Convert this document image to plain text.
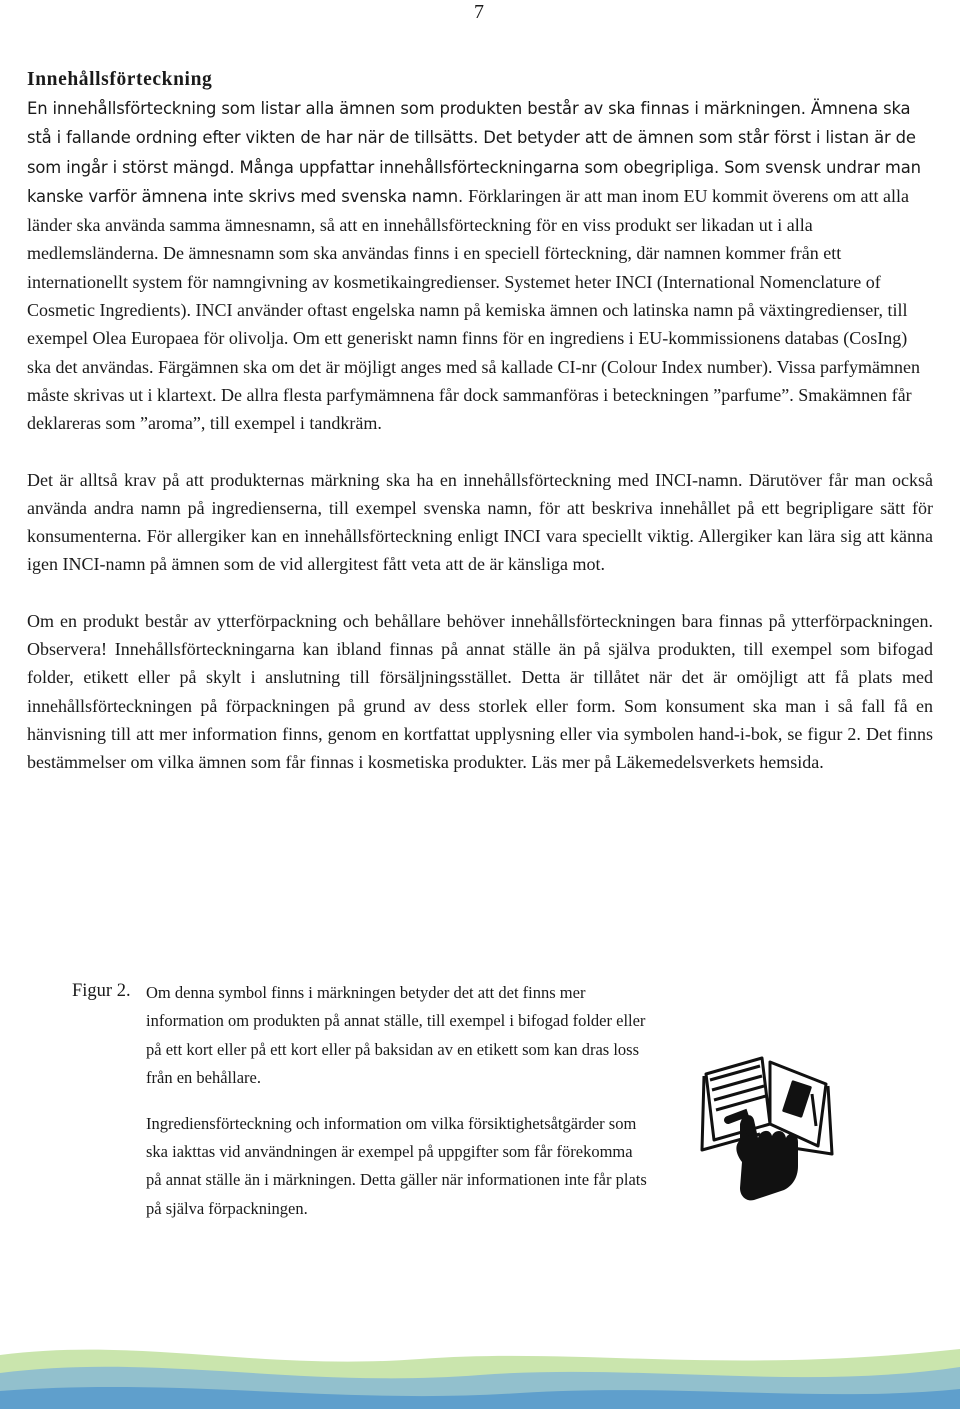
7
Innehållsförteckning

En innehållsförteckning som listar alla ämnen som produkten består av ska finnas i märkningen. Ämnena ska stå i fallande ordning efter vikten de har när de tillsätts. Det betyder att de ämnen som står först i listan är de som ingår i störst mängd. Många uppfattar innehållsförteckningarna som obegripliga. Som svensk undrar man kanske varför ämnena inte skrivs med svenska namn.

Förklaringen är att man inom EU kommit överens om att alla länder ska använda samma ämnesnamn, så att en innehållsförteckning för en viss produkt ser likadan ut i alla medlemsländerna. De ämnesnamn som ska användas finns i en speciell förteckning, där namnen kommer från ett internationellt system för namngivning av kosmetikaingredienser. Systemet heter INCI (International Nomenclature of Cosmetic Ingredients). INCI använder oftast engelska namn på kemiska ämnen och latinska namn på växtingredienser, till exempel Olea Europaea för olivolja. Om ett generiskt namn finns för en ingrediens i EU-kommissionens databas (CosIng) ska det användas. Färgämnen ska om det är möjligt anges med så kallade CI-nr (Colour Index number). Vissa parfymämnen måste skrivas ut i klartext. De allra flesta parfymämnena får dock sammanföras i beteckningen ”parfume”. Smakämnen får deklareras som ”aroma”, till exempel i tandkräm.

Det är alltså krav på att produkternas märkning ska ha en innehållsförteckning med INCI-namn. Därutöver får man också använda andra namn på ingredienserna, till exempel svenska namn, för att beskriva innehållet på ett begripligare sätt för konsumenterna. För allergiker kan en innehållsförteckning enligt INCI vara speciellt viktig. Allergiker kan lära sig att känna igen INCI-namn på ämnen som de vid allergitest fått veta att de är känsliga mot.

Om en produkt består av ytterförpackning och behållare behöver innehållsförteckningen bara finnas på ytterförpackningen. Observera! Innehållsförteckningarna kan ibland finnas på annat ställe än på själva produkten, till exempel som bifogad folder, etikett eller på skylt i anslutning till försäljningsstället. Detta är tillåtet när det är omöjligt att få plats med innehållsförteckningen på förpackningen på grund av dess storlek eller form. Som konsument ska man i så fall få en hänvisning till att mer information finns, genom en kortfattat upplysning eller via symbolen hand-i-bok, se figur 2. Det finns bestämmelser om vilka ämnen som får finnas i kosmetiska produkter. Läs mer på Läkemedelsverkets hemsida.

Figur 2. Om denna symbol finns i märkningen betyder det att det finns mer information om produkten på annat ställe, till exempel i bifogad folder eller på ett kort eller på ett kort eller på baksidan av en etikett som kan dras loss från en behållare.

Ingrediensförteckning och information om vilka försiktighetsåtgärder som ska iakttas vid användningen är exempel på uppgifter som får förekomma på annat ställe än i märkningen. Detta gäller när informationen inte får plats på själva förpackningen.
